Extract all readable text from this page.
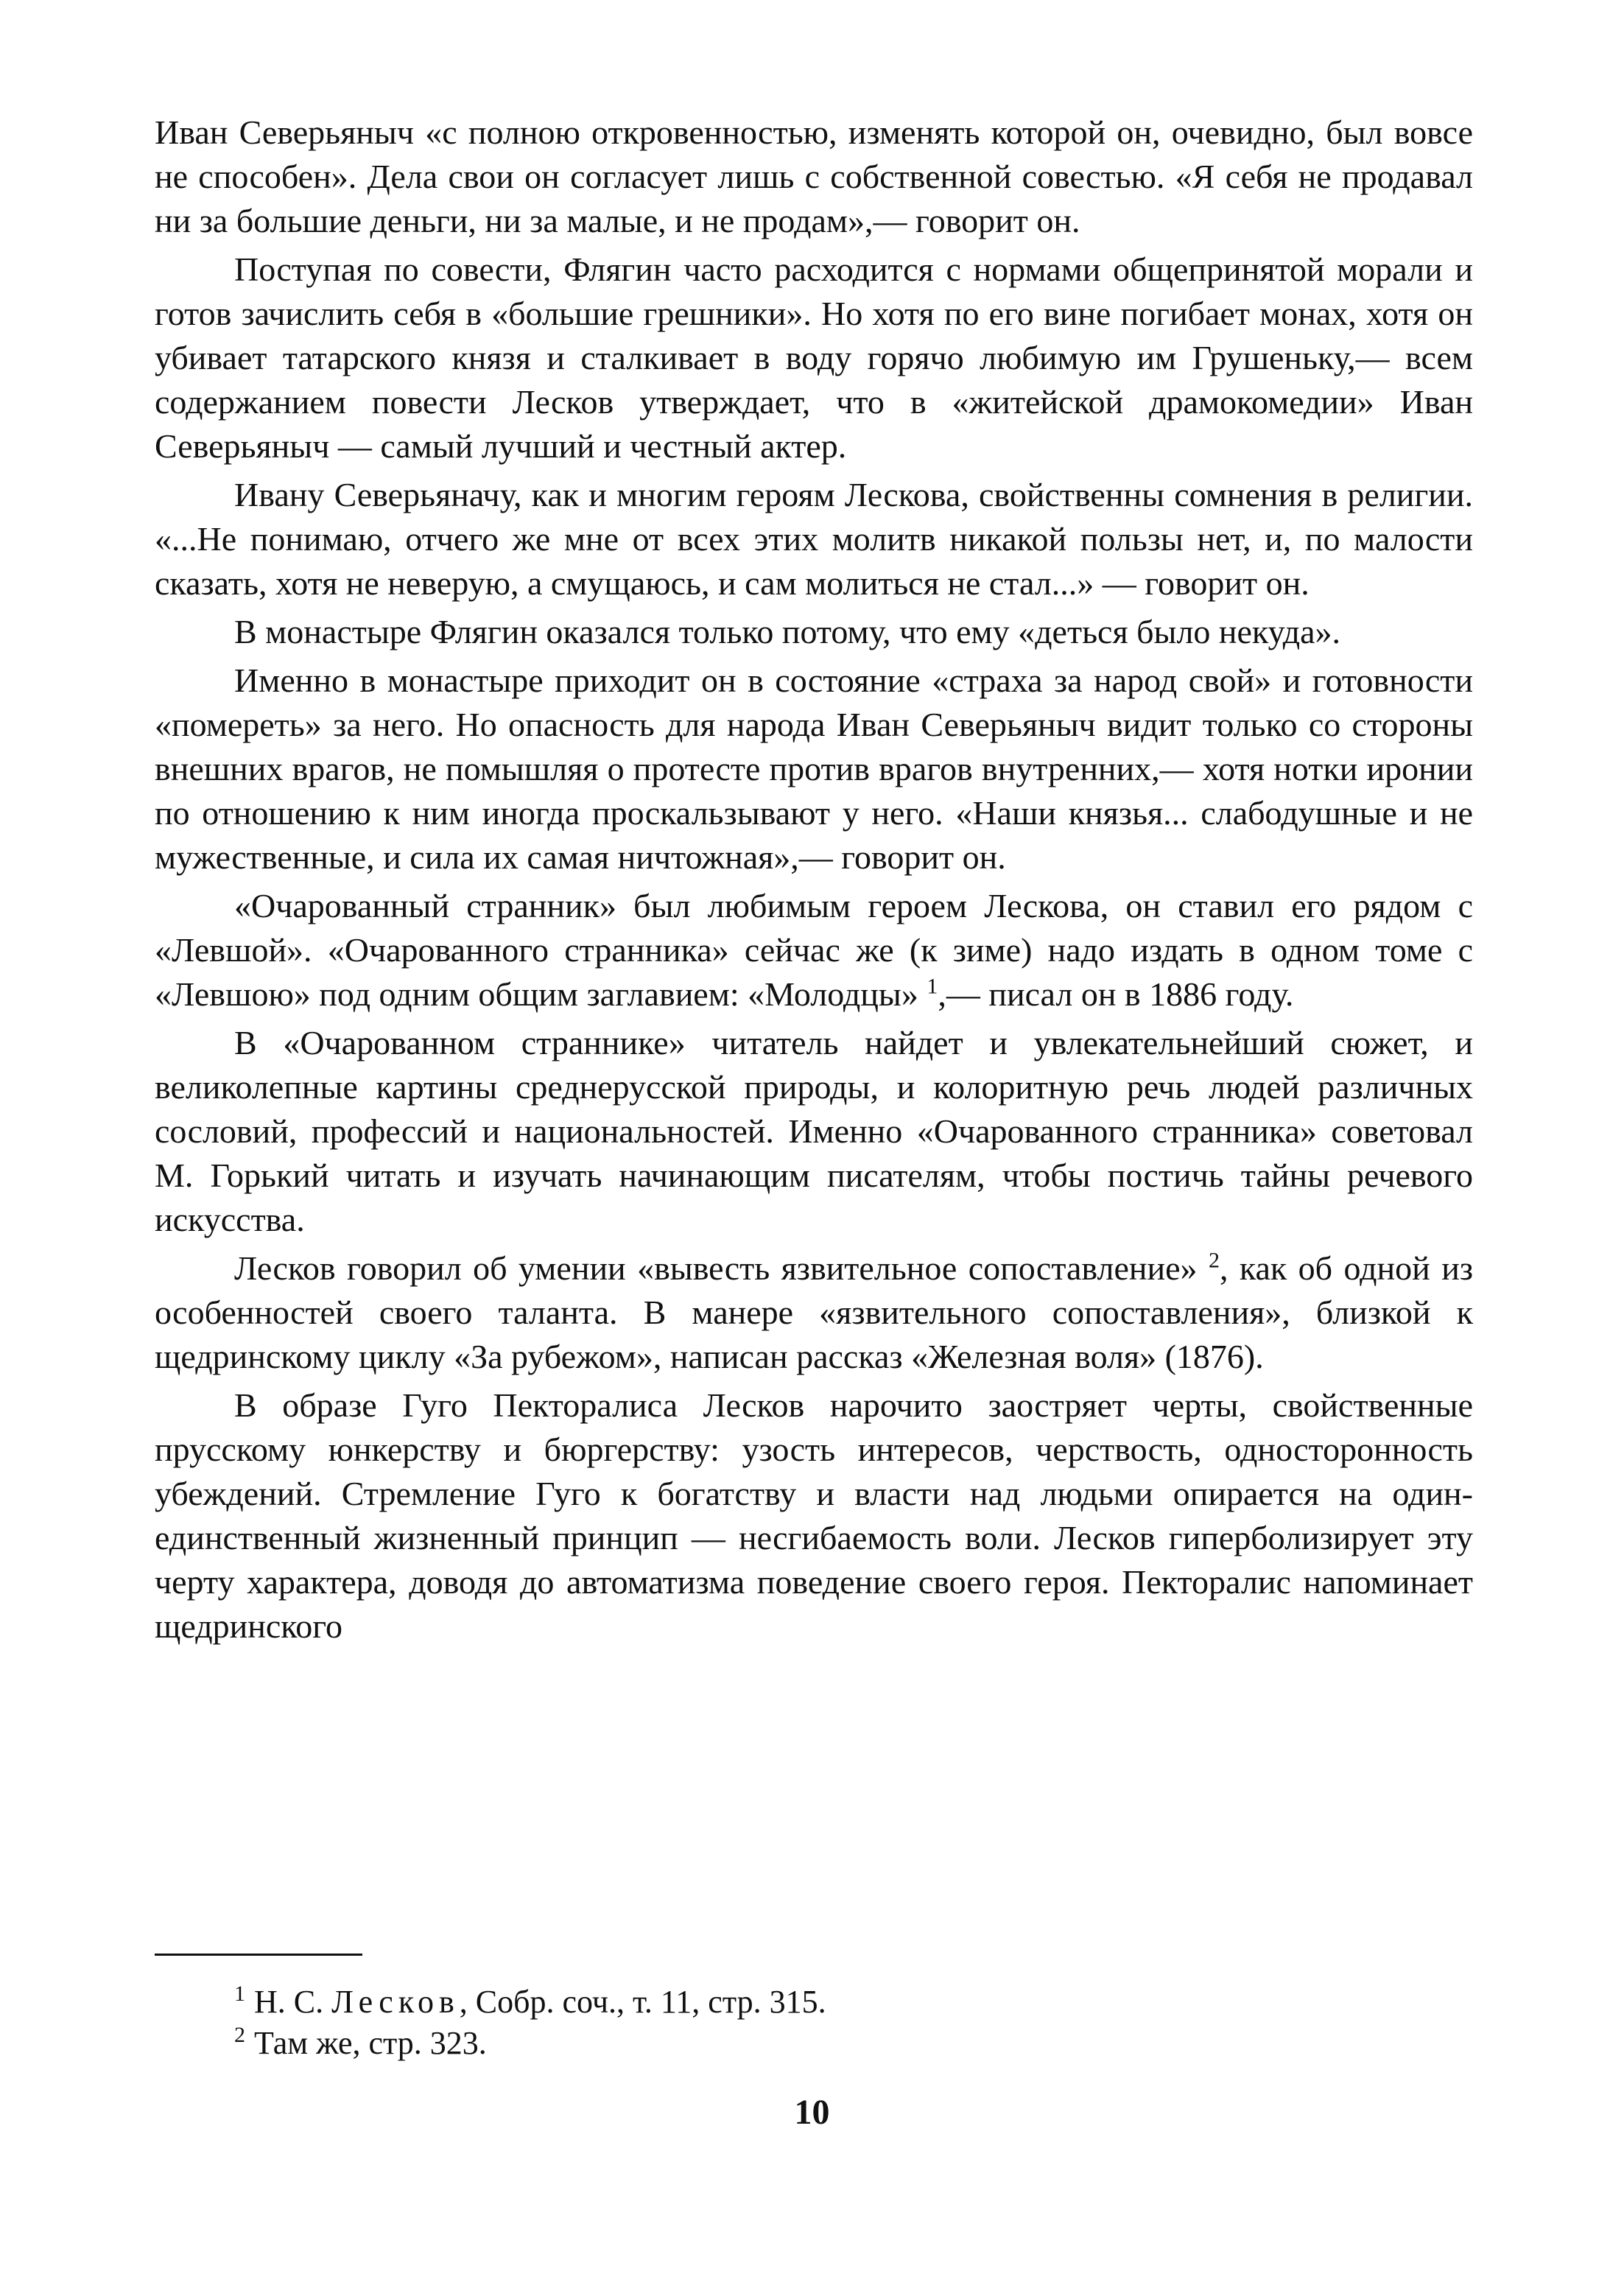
Иван Северьяныч «с полною откровенностью, изменять которой он, очевидно, был вовсе не способен». Дела свои он согласует лишь с собственной совестью. «Я себя не продавал ни за большие деньги, ни за малые, и не продам»,— говорит он.

Поступая по совести, Флягин часто расходится с нормами общепринятой морали и готов зачислить себя в «большие грешники». Но хотя по его вине погибает монах, хотя он убивает татарского князя и сталкивает в воду горячо любимую им Грушеньку,— всем содержанием повести Лесков утверждает, что в «житейской драмокомедии» Иван Северьяныч — самый лучший и честный актер.

Ивану Северьяначу, как и многим героям Лескова, свойственны сомнения в религии. «...Не понимаю, отчего же мне от всех этих молитв никакой пользы нет, и, по малости сказать, хотя не неверую, а смущаюсь, и сам молиться не стал...» — говорит он.

В монастыре Флягин оказался только потому, что ему «деться было некуда».

Именно в монастыре приходит он в состояние «страха за народ свой» и готовности «помереть» за него. Но опасность для народа Иван Северьяныч видит только со стороны внешних врагов, не помышляя о протесте против врагов внутренних,— хотя нотки иронии по отношению к ним иногда проскальзывают у него. «Наши князья... слабодушные и не мужественные, и сила их самая ничтожная»,— говорит он.

«Очарованный странник» был любимым героем Лескова, он ставил его рядом с «Левшой». «Очарованного странника» сейчас же (к зиме) надо издать в одном томе с «Левшою» под одним общим заглавием: «Молодцы» $^1$,— писал он в 1886 году.

В «Очарованном страннике» читатель найдет и увлекательнейший сюжет, и великолепные картины среднерусской природы, и колоритную речь людей различных сословий, профессий и национальностей. Именно «Очарованного странника» советовал М. Горький читать и изучать начинающим писателям, чтобы постичь тайны речевого искусства.

Лесков говорил об умении «вывесть язвительное сопоставление» $^2$, как об одной из особенностей своего таланта. В манере «язвительного сопоставления», близкой к щедринскому циклу «За рубежом», написан рассказ «Железная воля» (1876).

В образе Гуго Пекторалиса Лесков нарочито заостряет черты, свойственные прусскому юнкерству и бюргерству: узость интересов, черствость, односторонность убеждений. Стремление Гуго к богатству и власти над людьми опирается на один-единственный жизненный принцип — несгибаемость воли. Лесков гиперболизирует эту черту характера, доводя до автоматизма поведение своего героя. Пекторалис напоминает щедринского

$^1$ Н. С. Лесков, Собр. соч., т. 11, стр. 315.

$^2$ Там же, стр. 323.

10
